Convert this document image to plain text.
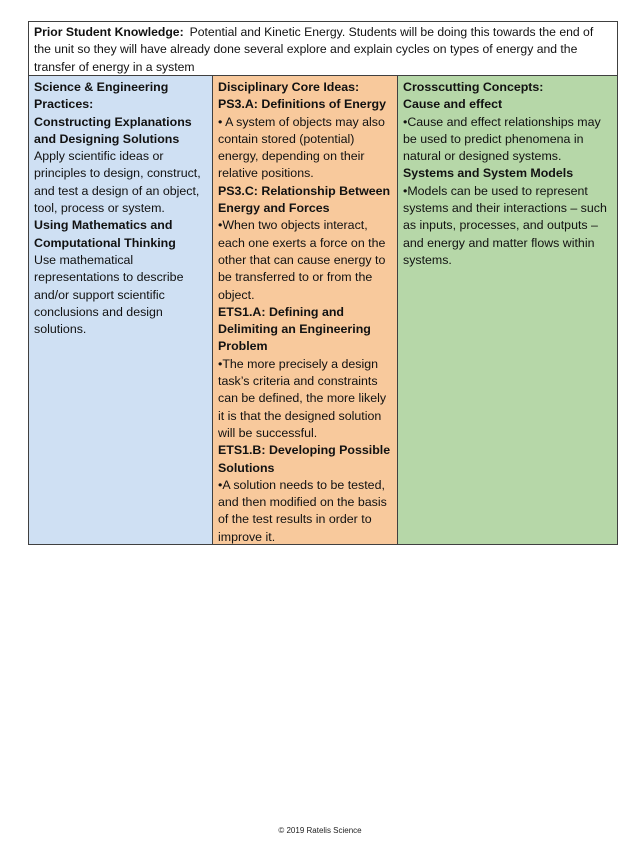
Prior Student Knowledge: Potential and Kinetic Energy. Students will be doing this towards the end of the unit so they will have already done several explore and explain cycles on types of energy and the transfer of energy in a system
Science & Engineering Practices:
Constructing Explanations and Designing Solutions
Apply scientific ideas or principles to design, construct, and test a design of an object, tool, process or system.
Using Mathematics and Computational Thinking
Use mathematical representations to describe and/or support scientific conclusions and design solutions.
Disciplinary Core Ideas:
PS3.A: Definitions of Energy
• A system of objects may also contain stored (potential) energy, depending on their relative positions.
PS3.C: Relationship Between Energy and Forces
•When two objects interact, each one exerts a force on the other that can cause energy to be transferred to or from the object.
ETS1.A: Defining and Delimiting an Engineering Problem
•The more precisely a design task’s criteria and constraints can be defined, the more likely it is that the designed solution will be successful.
ETS1.B: Developing Possible Solutions
•A solution needs to be tested, and then modified on the basis of the test results in order to improve it.
Crosscutting Concepts:
Cause and effect
•Cause and effect relationships may be used to predict phenomena in natural or designed systems.
Systems and System Models
•Models can be used to represent systems and their interactions – such as inputs, processes, and outputs – and energy and matter flows within systems.
© 2019 Ratelis Science
